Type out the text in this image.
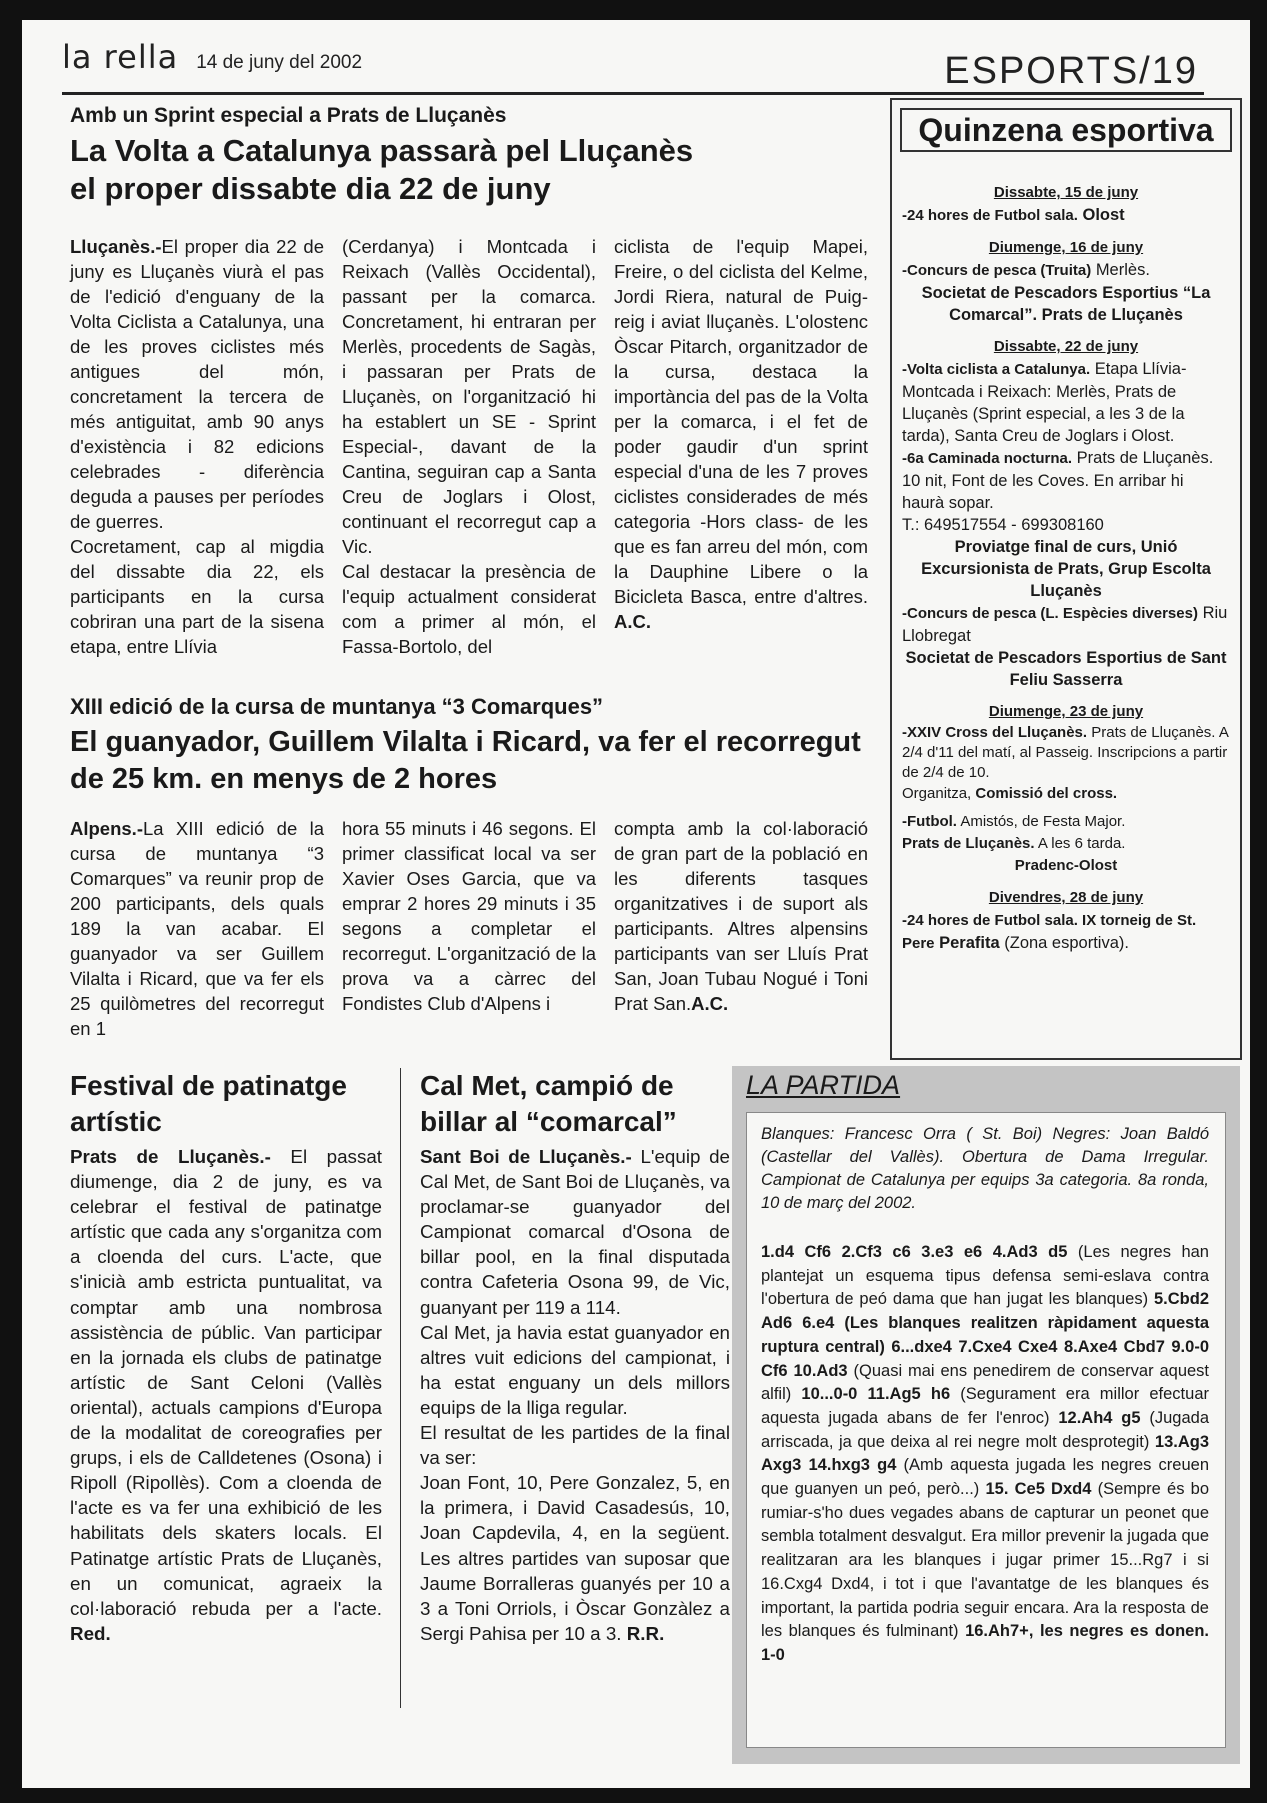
la rella 14 de juny del 2002	ESPORTS/19
Amb un Sprint especial a Prats de Lluçanès
La Volta a Catalunya passarà pel Lluçanès el proper dissabte dia 22 de juny

Lluçanès.-El proper dia 22 de juny es Lluçanès viurà el pas de l'edició d'enguany de la Volta Ciclista a Catalunya, una de les proves ciclistes més antigues del món, concretament la tercera de més antiguitat, amb 90 anys d'existència i 82 edicions celebrades - diferència deguda a pauses per períodes de guerres.

Cocretament, cap al migdia del dissabte dia 22, els participants en la cursa cobriran una part de la sisena etapa, entre Llívia

(Cerdanya) i Montcada i Reixach (Vallès Occidental), passant per la comarca. Concretament, hi entraran per Merlès, procedents de Sagàs, i passaran per Prats de Lluçanès, on l'organització hi ha establert un SE - Sprint Especial-, davant de la Cantina, seguiran cap a Santa Creu de Joglars i Olost, continuant el recorregut cap a Vic.

Cal destacar la presència de l'equip actualment considerat com a primer al món, el Fassa-Bortolo, del

ciclista de l'equip Mapei, Freire, o del ciclista del Kelme, Jordi Riera, natural de Puig-reig i aviat lluçanès. L'olostenc Òscar Pitarch, organitzador de la cursa, destaca la importància del pas de la Volta per la comarca, i el fet de poder gaudir d'un sprint especial d'una de les 7 proves ciclistes considerades de més categoria -Hors class- de les que es fan arreu del món, com la Dauphine Libere o la Bicicleta Basca, entre d'altres. A.C.

XIII edició de la cursa de muntanya “3 Comarques”
El guanyador, Guillem Vilalta i Ricard, va fer el recorregut de 25 km. en menys de 2 hores

Alpens.-La XIII edició de la cursa de muntanya “3 Comarques” va reunir prop de 200 participants, dels quals 189 la van acabar. El guanyador va ser Guillem Vilalta i Ricard, que va fer els 25 quilòmetres del recorregut en 1

hora 55 minuts i 46 segons. El primer classificat local va ser Xavier Oses Garcia, que va emprar 2 hores 29 minuts i 35 segons a completar el recorregut. L'organització de la prova va a càrrec del Fondistes Club d'Alpens i

compta amb la col·laboració de gran part de la població en les diferents tasques organitzatives i de suport als participants. Altres alpensins participants van ser Lluís Prat San, Joan Tubau Nogué i Toni Prat San.A.C.

Quinzena esportiva
Dissabte, 15 de juny

-24 hores de Futbol sala. Olost

Diumenge, 16 de juny

-Concurs de pesca (Truita) Merlès.

Societat de Pescadors Esportius “La Comarcal”. Prats de Lluçanès

Dissabte, 22 de juny

-Volta ciclista a Catalunya. Etapa Llívia-Montcada i Reixach: Merlès, Prats de Lluçanès (Sprint especial, a les 3 de la tarda), Santa Creu de Joglars i Olost.

-6a Caminada nocturna. Prats de Lluçanès. 10 nit, Font de les Coves. En arribar hi haurà sopar.

T.: 649517554 - 699308160

Proviatge final de curs, Unió Excursionista de Prats, Grup Escolta Lluçanès

-Concurs de pesca (L. Espècies diverses) Riu Llobregat

Societat de Pescadors Esportius de Sant Feliu Sasserra

Diumenge, 23 de juny

-XXIV Cross del Lluçanès. Prats de Lluçanès. A 2/4 d'11 del matí, al Passeig. Inscripcions a partir de 2/4 de 10.

Organitza, Comissió del cross.

-Futbol. Amistós, de Festa Major.

Prats de Lluçanès. A les 6 tarda.

Pradenc-Olost

Divendres, 28 de juny

-24 hores de Futbol sala. IX torneig de St. Pere Perafita (Zona esportiva).

Festival de patinatge artístic

Prats de Lluçanès.- El passat diumenge, dia 2 de juny, es va celebrar el festival de patinatge artístic que cada any s'organitza com a cloenda del curs. L'acte, que s'inicià amb estricta puntualitat, va comptar amb una nombrosa assistència de públic. Van participar en la jornada els clubs de patinatge artístic de Sant Celoni (Vallès oriental), actuals campions d'Europa de la modalitat de coreografies per grups, i els de Calldetenes (Osona) i Ripoll (Ripollès). Com a cloenda de l'acte es va fer una exhibició de les habilitats dels skaters locals. El Patinatge artístic Prats de Lluçanès, en un comunicat, agraeix la col·laboració rebuda per a l'acte. Red.

Cal Met, campió de billar al “comarcal”

Sant Boi de Lluçanès.- L'equip de Cal Met, de Sant Boi de Lluçanès, va proclamar-se guanyador del Campionat comarcal d'Osona de billar pool, en la final disputada contra Cafeteria Osona 99, de Vic, guanyant per 119 a 114.

Cal Met, ja havia estat guanyador en altres vuit edicions del campionat, i ha estat enguany un dels millors equips de la lliga regular.

El resultat de les partides de la final va ser:

Joan Font, 10, Pere Gonzalez, 5, en la primera, i David Casadesús, 10, Joan Capdevila, 4, en la següent. Les altres partides van suposar que Jaume Borralleras guanyés per 10 a 3 a Toni Orriols, i Òscar Gonzàlez a Sergi Pahisa per 10 a 3. R.R.

LA PARTIDA

Blanques: Francesc Orra ( St. Boi) Negres: Joan Baldó (Castellar del Vallès). Obertura de Dama Irregular. Campionat de Catalunya per equips 3a categoria. 8a ronda, 10 de març del 2002.

1.d4 Cf6 2.Cf3 c6 3.e3 e6 4.Ad3 d5 (Les negres han plantejat un esquema tipus defensa semi-eslava contra l'obertura de peó dama que han jugat les blanques) 5.Cbd2 Ad6 6.e4 (Les blanques realitzen ràpidament aquesta ruptura central) 6...dxe4 7.Cxe4 Cxe4 8.Axe4 Cbd7 9.0-0 Cf6 10.Ad3 (Quasi mai ens penedirem de conservar aquest alfil) 10...0-0 11.Ag5 h6 (Segurament era millor efectuar aquesta jugada abans de fer l'enroc) 12.Ah4 g5 (Jugada arriscada, ja que deixa al rei negre molt desprotegit) 13.Ag3 Axg3 14.hxg3 g4 (Amb aquesta jugada les negres creuen que guanyen un peó, però...) 15. Ce5 Dxd4 (Sempre és bo rumiar-s'ho dues vegades abans de capturar un peonet que sembla totalment desvalgut. Era millor prevenir la jugada que realitzaran ara les blanques i jugar primer 15...Rg7 i si 16.Cxg4 Dxd4, i tot i que l'avantatge de les blanques és important, la partida podria seguir encara. Ara la resposta de les blanques és fulminant) 16.Ah7+, les negres es donen. 1-0
